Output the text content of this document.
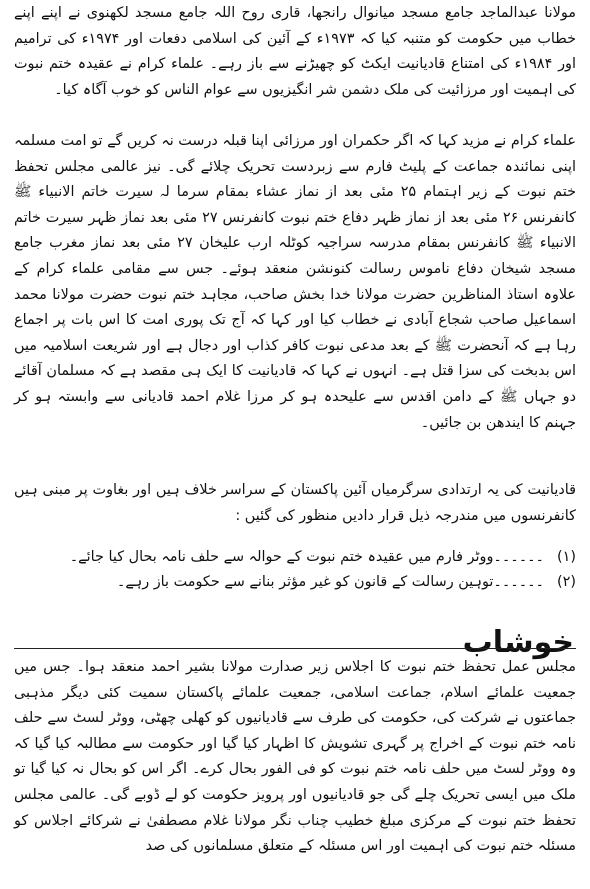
مولانا عبدالماجد جامع مسجد میانوال رانجھا، قاری روح اللہ جامع مسجد لکھنوی نے اپنے اپنے خطاب میں حکومت کو متنبہ کیا کہ ۱۹۷۳ء کے آئین کی اسلامی دفعات اور ۱۹۷۴ء کی ترامیم اور ۱۹۸۴ء کی امتناع قادیانیت ایکٹ کو چھیڑنے سے باز رہے۔ علماء کرام نے عقیدہ ختم نبوت کی اہمیت اور مرزائیت کی ملک دشمن شر انگیزیوں سے عوام الناس کو خوب آگاہ کیا۔

علماء کرام نے مزید کہا کہ اگر حکمران اور مرزائی اپنا قبلہ درست نہ کریں گے تو امت مسلمہ اپنی نمائندہ جماعت کے پلیٹ فارم سے زبردست تحریک چلائے گی۔ نیز عالمی مجلس تحفظ ختم نبوت کے زیر اہتمام ۲۵ مئی بعد از نماز عشاء بمقام سرما لہ سیرت خاتم الانبیاء ﷺ کانفرنس ۲۶ مئی بعد از نماز ظہر دفاع ختم نبوت کانفرنس ۲۷ مئی بعد نماز ظہر سیرت خاتم الانبیاء ﷺ کانفرنس بمقام مدرسہ سراجیہ کوٹلہ ارب علیخان ۲۷ مئی بعد نماز مغرب جامع مسجد شیخان دفاع ناموس رسالت کنونشن منعقد ہوئے۔ جس سے مقامی علماء کرام کے علاوہ استاذ المناظرین حضرت مولانا خدا بخش صاحب، مجاہد ختم نبوت حضرت مولانا محمد اسماعیل صاحب شجاع آبادی نے خطاب کیا اور کہا کہ آج تک پوری امت کا اس بات پر اجماع رہا ہے کہ آنحضرت ﷺ کے بعد مدعی نبوت کافر کذاب اور دجال ہے اور شریعت اسلامیہ میں اس بدبخت کی سزا قتل ہے۔ انہوں نے کہا کہ قادیانیت کا ایک ہی مقصد ہے کہ مسلمان آقائے دو جہاں ﷺ کے دامن اقدس سے علیحدہ ہو کر مرزا غلام احمد قادیانی سے وابستہ ہو کر جہنم کا ایندھن بن جائیں۔

قادیانیت کی یہ ارتدادی سرگرمیاں آئین پاکستان کے سراسر خلاف ہیں اور بغاوت پر مبنی ہیں کانفرنسوں میں مندرجہ ذیل قرار دادیں منظور کی گئیں :

(۱)
۔۔۔۔۔۔ووٹر فارم میں عقیدہ ختم نبوت کے حوالہ سے حلف نامہ بحال کیا جائے۔
(۲)
۔۔۔۔۔۔توہین رسالت کے قانون کو غیر مؤثر بنانے سے حکومت باز رہے۔
خوشاب

مجلس عمل تحفظ ختم نبوت کا اجلاس زیر صدارت مولانا بشیر احمد منعقد ہوا۔ جس میں جمعیت علمائے اسلام، جماعت اسلامی، جمعیت علمائے پاکستان سمیت کئی دیگر مذہبی جماعتوں نے شرکت کی، حکومت کی طرف سے قادیانیوں کو کھلی چھٹی، ووٹر لسٹ سے حلف نامہ ختم نبوت کے اخراج پر گہری تشویش کا اظہار کیا گیا اور حکومت سے مطالبہ کیا گیا کہ وہ ووٹر لسٹ میں حلف نامہ ختم نبوت کو فی الفور بحال کرے۔ اگر اس کو بحال نہ کیا گیا تو ملک میں ایسی تحریک چلے گی جو قادیانیوں اور پرویز حکومت کو لے ڈوبے گی۔ عالمی مجلس تحفظ ختم نبوت کے مرکزی مبلغ خطیب چناب نگر مولانا غلام مصطفیٰ نے شرکائے اجلاس کو مسئلہ ختم نبوت کی اہمیت اور اس مسئلہ کے متعلق مسلمانوں کی صد
